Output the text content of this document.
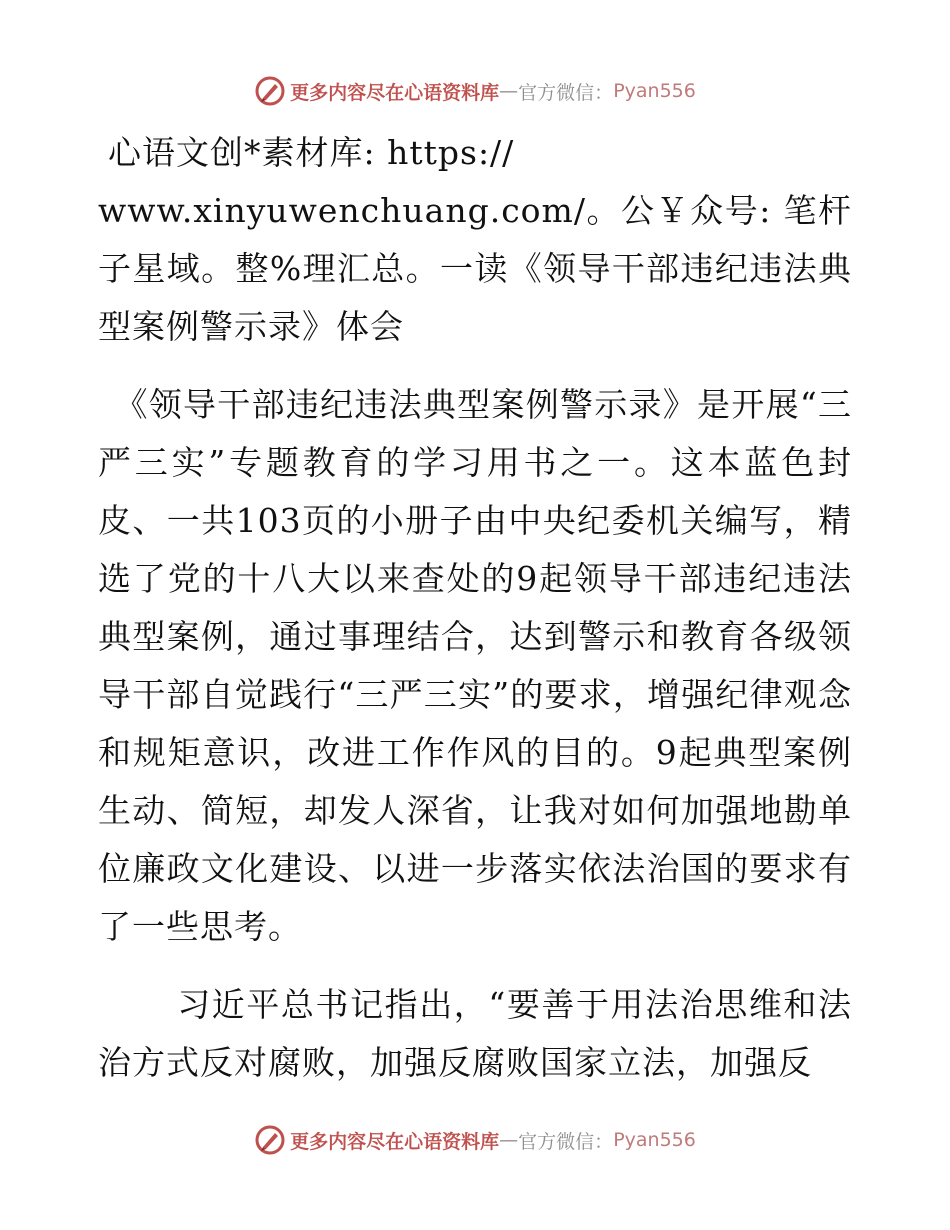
更多内容尽在心语资料库 — 官方微信： Pyan556
心语文创*素材库: https://
www.xinyuwenchuang.com/。公￥众号: 笔杆子星域。整%理汇总。一读《领导干部违纪违法典型案例警示录》体会

《领导干部违纪违法典型案例警示录》是开展“三严三实”专题教育的学习用书之一。这本蓝色封皮、一共103页的小册子由中央纪委机关编写，精选了党的十八大以来查处的9起领导干部违纪违法典型案例，通过事理结合，达到警示和教育各级领导干部自觉践行“三严三实”的要求，增强纪律观念和规矩意识，改进工作作风的目的。9起典型案例生动、简短，却发人深省，让我对如何加强地勘单位廉政文化建设、以进一步落实依法治国的要求有了一些思考。

习近平总书记指出，“要善于用法治思维和法治方式反对腐败，加强反腐败国家立法，加强反

更多内容尽在心语资料库 — 官方微信： Pyan556
